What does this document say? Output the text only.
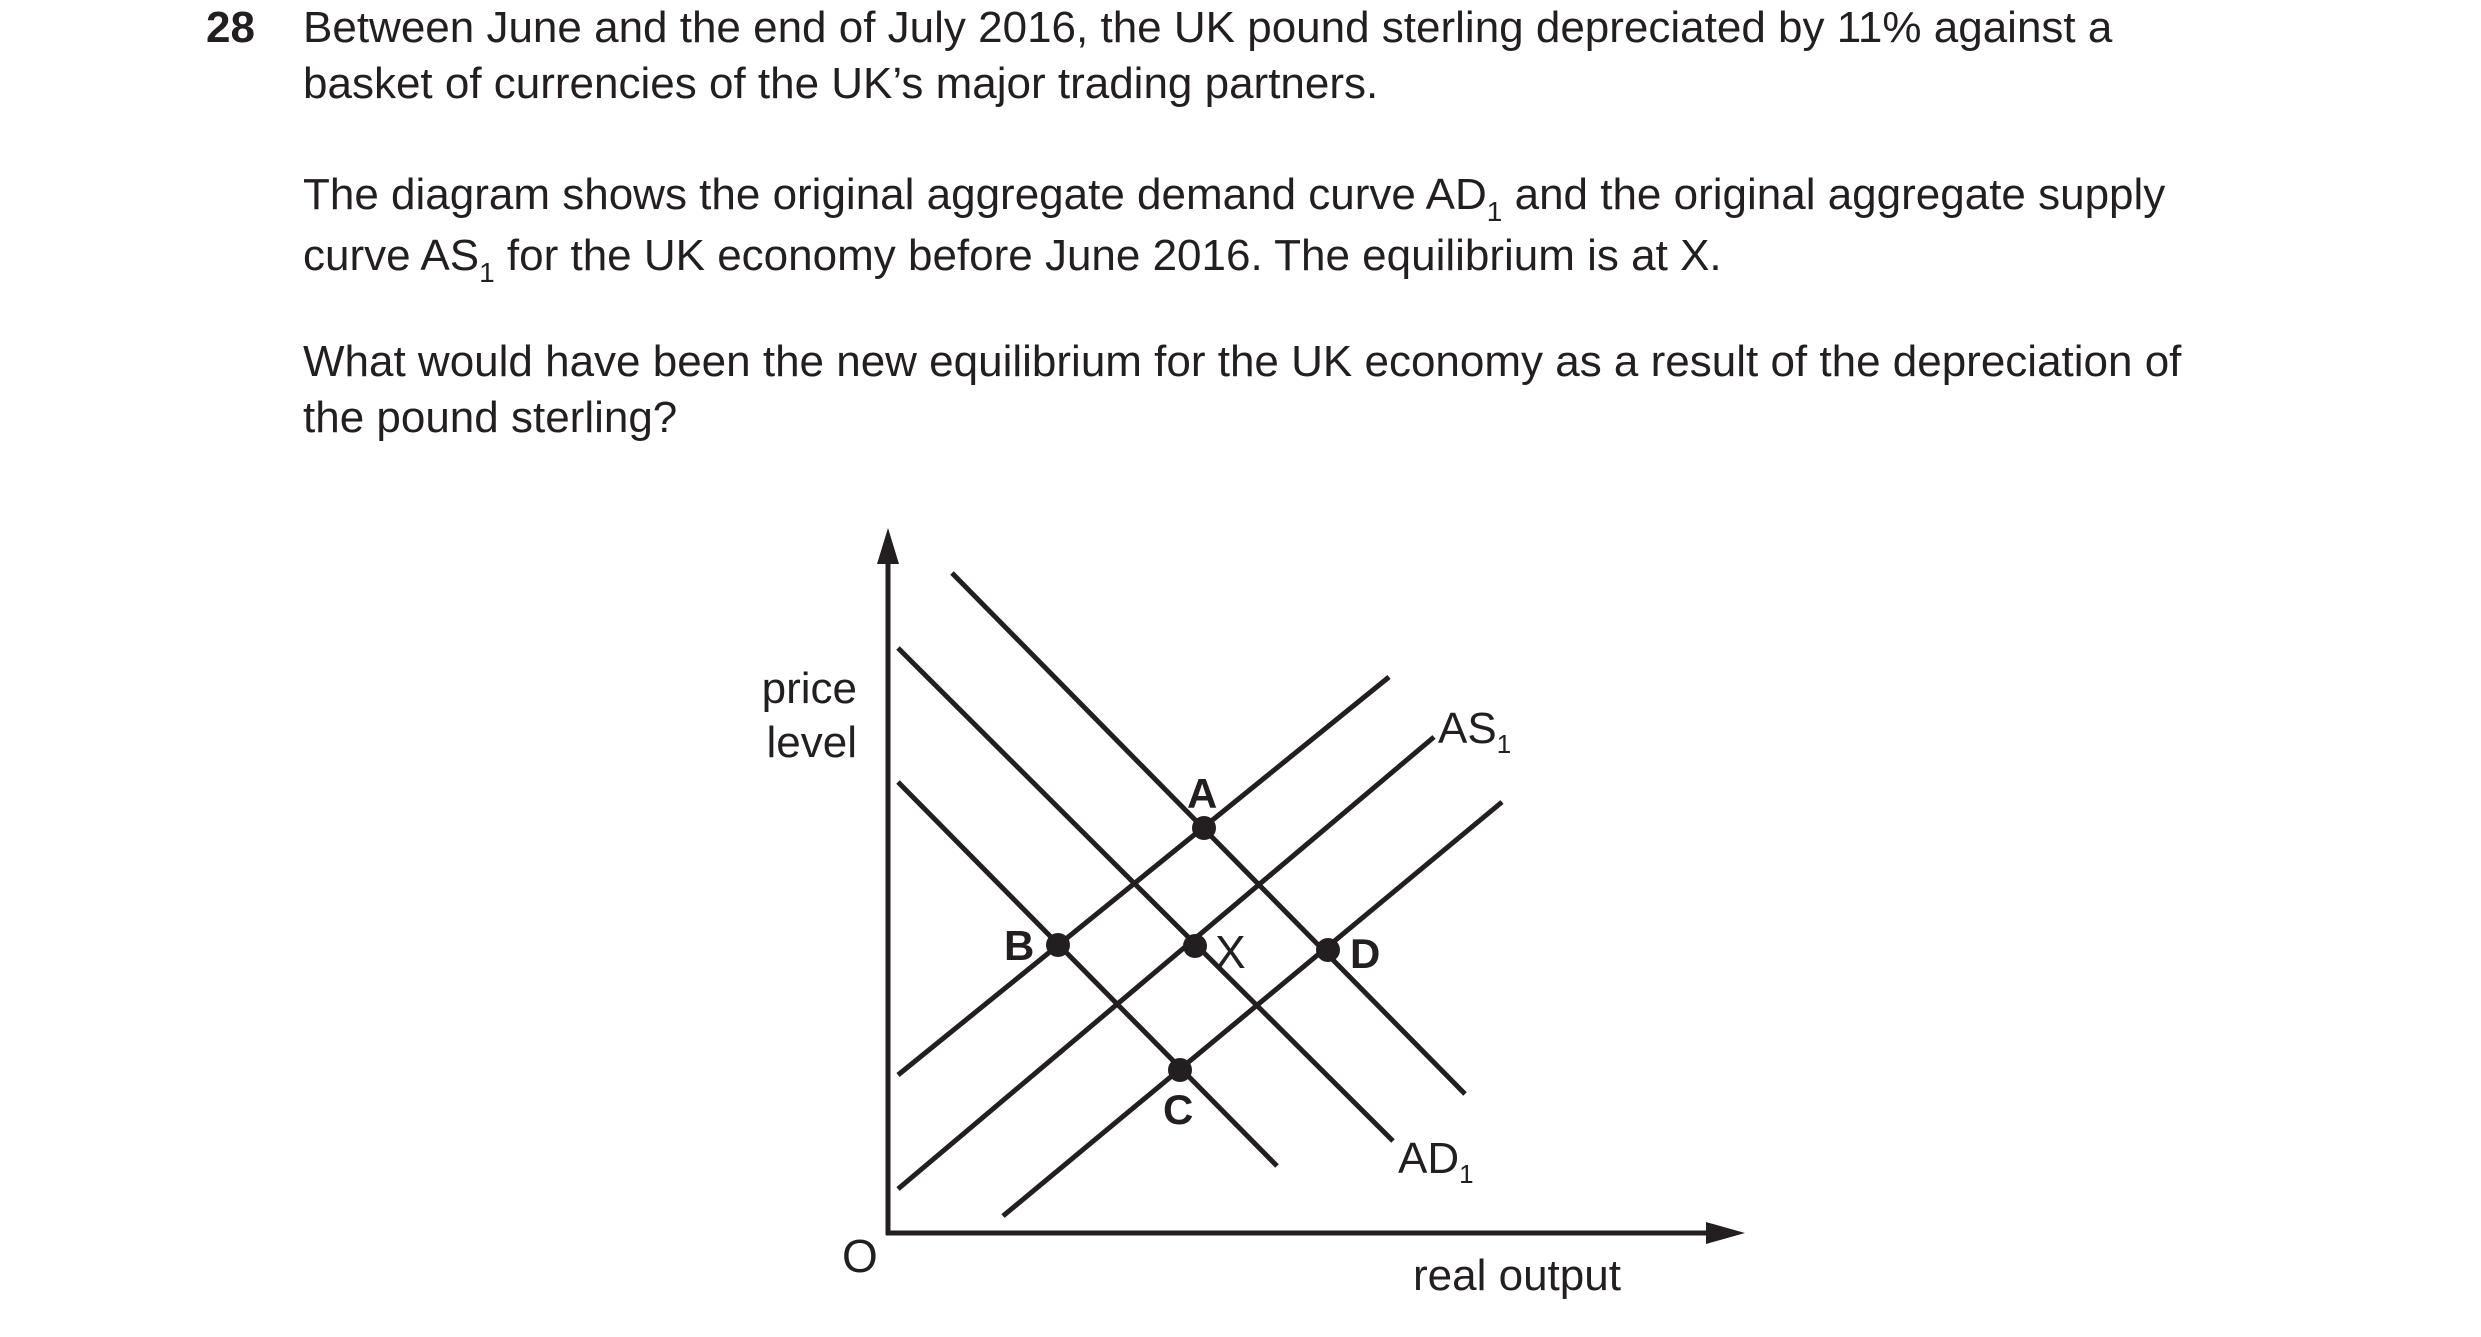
28 Between June and the end of July 2016, the UK pound sterling depreciated by 11% against a
basket of currencies of the UK’s major trading partners.

The diagram shows the original aggregate demand curve $AD_1$ and the original aggregate supply
curve $AS_1$ for the UK economy before June 2016. The equilibrium is at X.

What would have been the new equilibrium for the UK economy as a result of the depreciation of
the pound sterling?

A
B	X
C
D
$AS_1$
$AD_1$
price
level
O	real output
